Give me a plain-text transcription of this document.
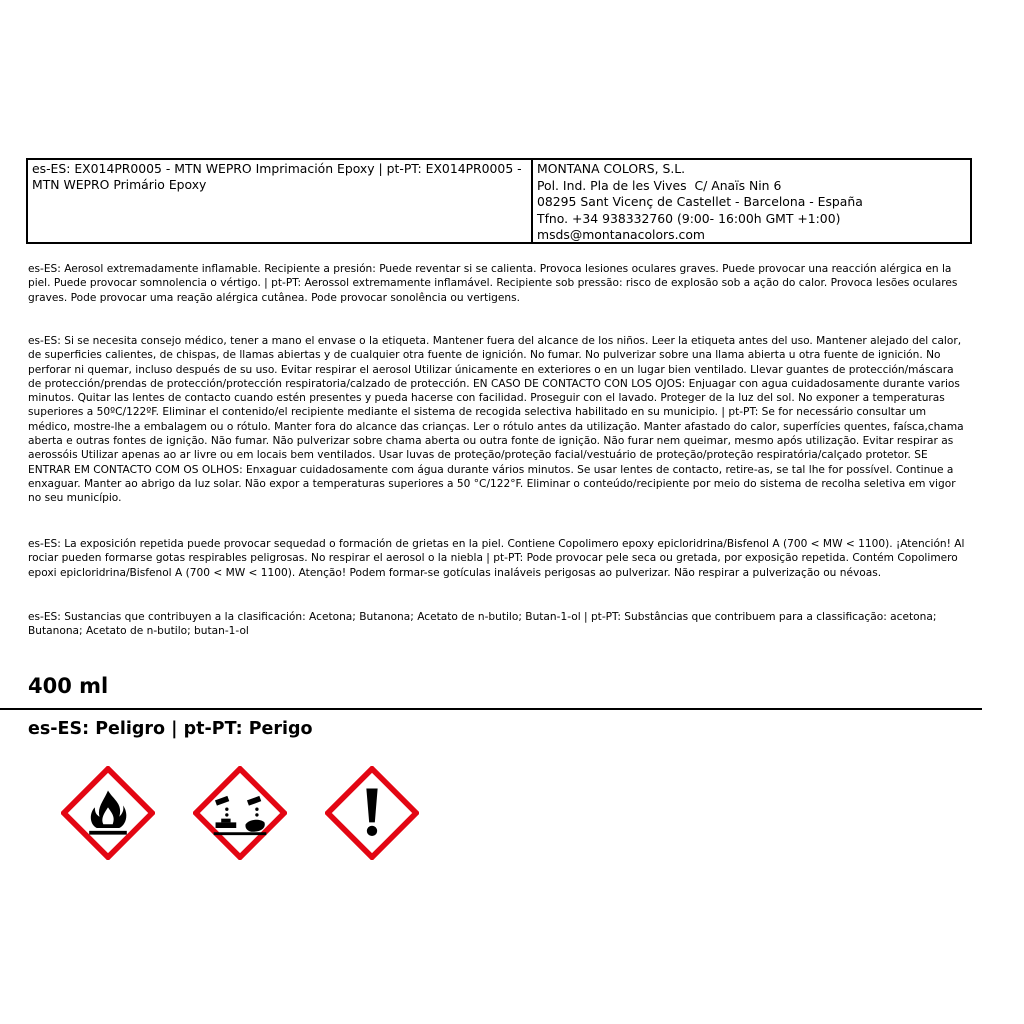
es-ES: EX014PR0005 - MTN WEPRO Imprimación Epoxy | pt-PT: EX014PR0005 - MTN WEPRO Primário Epoxy
MONTANA COLORS, S.L.
Pol. Ind. Pla de les Vives  C/ Anaïs Nin 6
08295 Sant Vicenç de Castellet - Barcelona - España
Tfno. +34 938332760 (9:00- 16:00h GMT +1:00)
msds@montanacolors.com
es-ES: Aerosol extremadamente inflamable. Recipiente a presión: Puede reventar si se calienta. Provoca lesiones oculares graves. Puede provocar una reacción alérgica en la piel. Puede provocar somnolencia o vértigo. | pt-PT: Aerossol extremamente inflamável. Recipiente sob pressão: risco de explosão sob a ação do calor. Provoca lesões oculares graves. Pode provocar uma reação alérgica cutânea. Pode provocar sonolência ou vertigens.
es-ES: Si se necesita consejo médico, tener a mano el envase o la etiqueta. Mantener fuera del alcance de los niños. Leer la etiqueta antes del uso. Mantener alejado del calor, de superficies calientes, de chispas, de llamas abiertas y de cualquier otra fuente de ignición. No fumar. No pulverizar sobre una llama abierta u otra fuente de ignición. No perforar ni quemar, incluso después de su uso. Evitar respirar el aerosol Utilizar únicamente en exteriores o en un lugar bien ventilado. Llevar guantes de protección/máscara de protección/prendas de protección/protección respiratoria/calzado de protección. EN CASO DE CONTACTO CON LOS OJOS: Enjuagar con agua cuidadosamente durante varios minutos. Quitar las lentes de contacto cuando estén presentes y pueda hacerse con facilidad. Proseguir con el lavado. Proteger de la luz del sol. No exponer a temperaturas superiores a 50ºC/122ºF. Eliminar el contenido/el recipiente mediante el sistema de recogida selectiva habilitado en su municipio. | pt-PT: Se for necessário consultar um médico, mostre-lhe a embalagem ou o rótulo. Manter fora do alcance das crianças. Ler o rótulo antes da utilização. Manter afastado do calor, superfícies quentes, faísca,chama aberta e outras fontes de ignição. Não fumar. Não pulverizar sobre chama aberta ou outra fonte de ignição. Não furar nem queimar, mesmo após utilização. Evitar respirar as aerossóis Utilizar apenas ao ar livre ou em locais bem ventilados. Usar luvas de proteção/proteção facial/vestuário de proteção/proteção respiratória/calçado protetor. SE ENTRAR EM CONTACTO COM OS OLHOS: Enxaguar cuidadosamente com água durante vários minutos. Se usar lentes de contacto, retire-as, se tal lhe for possível. Continue a enxaguar. Manter ao abrigo da luz solar. Não expor a temperaturas superiores a 50 °C/122°F. Eliminar o conteúdo/recipiente por meio do sistema de recolha seletiva em vigor no seu município.
es-ES: La exposición repetida puede provocar sequedad o formación de grietas en la piel. Contiene Copolimero epoxy epicloridrina/Bisfenol A (700 < MW < 1100). ¡Atención! Al rociar pueden formarse gotas respirables peligrosas. No respirar el aerosol o la niebla | pt-PT: Pode provocar pele seca ou gretada, por exposição repetida. Contém Copolimero epoxi epicloridrina/Bisfenol A (700 < MW < 1100). Atenção! Podem formar-se gotículas inaláveis perigosas ao pulverizar. Não respirar a pulverização ou névoas.
es-ES: Sustancias que contribuyen a la clasificación: Acetona; Butanona; Acetato de n-butilo; Butan-1-ol | pt-PT: Substâncias que contribuem para a classificação: acetona; Butanona; Acetato de n-butilo; butan-1-ol
400 ml
es-ES: Peligro | pt-PT: Perigo
